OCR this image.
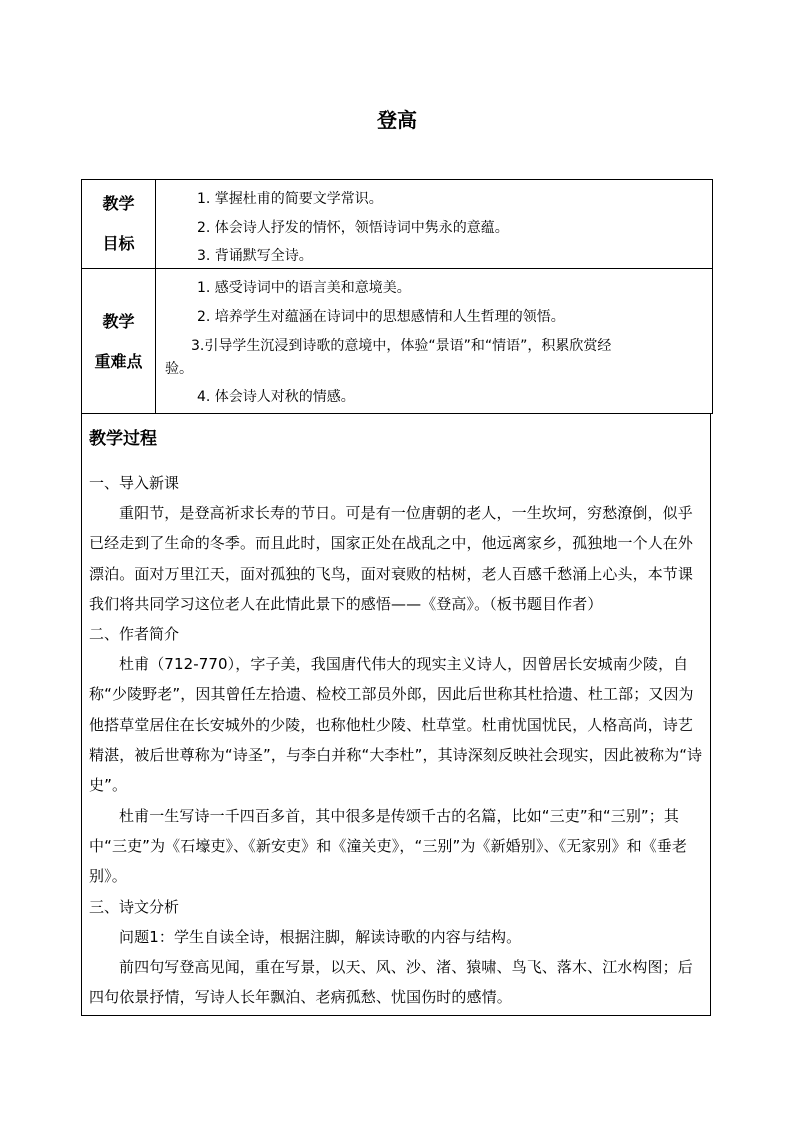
登高
教学
目标

1. 掌握杜甫的简要文学常识。

2. 体会诗人抒发的情怀，领悟诗词中隽永的意蕴。

3. 背诵默写全诗。

教学
重难点

1. 感受诗词中的语言美和意境美。

2. 培养学生对蕴涵在诗词中的思想感情和人生哲理的领悟。

3.引导学生沉浸到诗歌的意境中，体验“景语”和“情语”，积累欣赏经

验。

4. 体会诗人对秋的情感。

教学过程

一、导入新课

重阳节，是登高祈求长寿的节日。可是有一位唐朝的老人，一生坎坷，穷愁潦倒，似乎已经走到了生命的冬季。而且此时，国家正处在战乱之中，他远离家乡，孤独地一个人在外漂泊。面对万里江天，面对孤独的飞鸟，面对衰败的枯树，老人百感千愁涌上心头，本节课我们将共同学习这位老人在此情此景下的感悟——《登高》。（板书题目作者）

二、作者简介

杜甫（712-770），字子美，我国唐代伟大的现实主义诗人，因曾居长安城南少陵，自称“少陵野老”，因其曾任左拾遗、检校工部员外郎，因此后世称其杜拾遗、杜工部；又因为他搭草堂居住在长安城外的少陵，也称他杜少陵、杜草堂。杜甫忧国忧民，人格高尚，诗艺精湛，被后世尊称为“诗圣”，与李白并称“大李杜”，其诗深刻反映社会现实，因此被称为“诗史”。

杜甫一生写诗一千四百多首，其中很多是传颂千古的名篇，比如“三吏”和“三别”；其中“三吏”为《石壕吏》、《新安吏》和《潼关吏》，“三别”为《新婚别》、《无家别》和《垂老别》。

三、诗文分析

问题1：学生自读全诗，根据注脚，解读诗歌的内容与结构。

前四句写登高见闻，重在写景，以天、风、沙、渚、猿啸、鸟飞、落木、江水构图；后四句依景抒情，写诗人长年飘泊、老病孤愁、忧国伤时的感情。
